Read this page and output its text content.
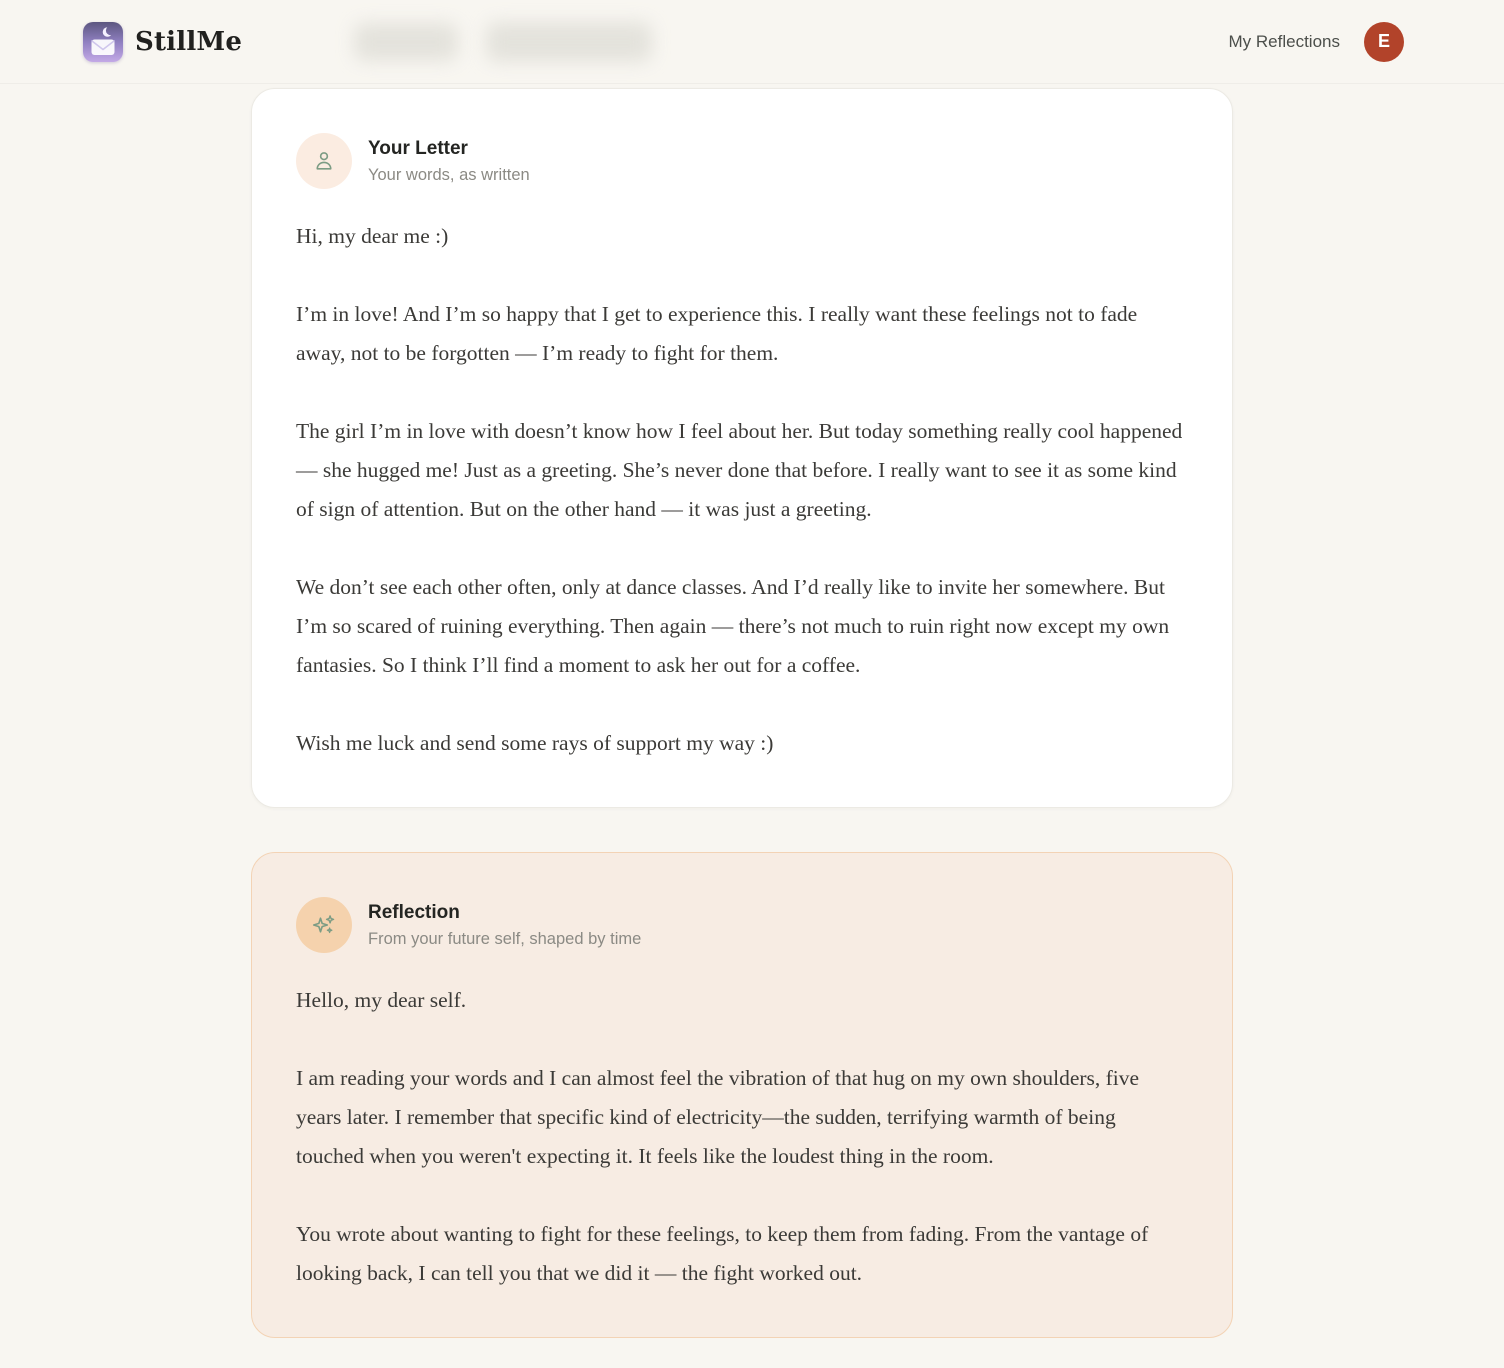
StillMe	My Reflections	E
Your Letter
Your words, as written

Hi, my dear me :)

I’m in love! And I’m so happy that I get to experience this. I really want these feelings not to fade away, not to be forgotten — I’m ready to fight for them.

The girl I’m in love with doesn’t know how I feel about her. But today something really cool happened — she hugged me! Just as a greeting. She’s never done that before. I really want to see it as some kind of sign of attention. But on the other hand — it was just a greeting.

We don’t see each other often, only at dance classes. And I’d really like to invite her somewhere. But I’m so scared of ruining everything. Then again — there’s not much to ruin right now except my own fantasies. So I think I’ll find a moment to ask her out for a coffee.

Wish me luck and send some rays of support my way :)

Reflection
From your future self, shaped by time

Hello, my dear self.

I am reading your words and I can almost feel the vibration of that hug on my own shoulders, five years later. I remember that specific kind of electricity—the sudden, terrifying warmth of being touched when you weren't expecting it. It feels like the loudest thing in the room.

You wrote about wanting to fight for these feelings, to keep them from fading. From the vantage of looking back, I can tell you that we did it — the fight worked out.
